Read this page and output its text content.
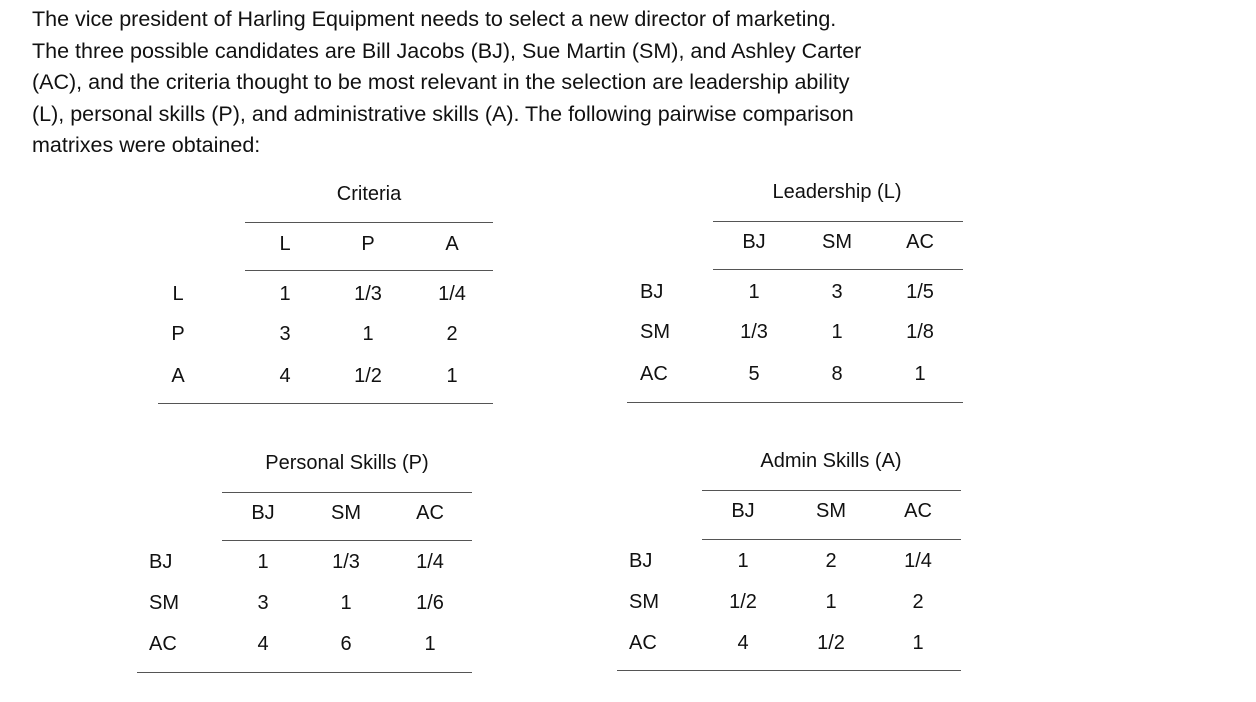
The vice president of Harling Equipment needs to select a new director of marketing.
The three possible candidates are Bill Jacobs (BJ), Sue Martin (SM), and Ashley Carter
(AC), and the criteria thought to be most relevant in the selection are leadership ability
(L), personal skills (P), and administrative skills (A). The following pairwise comparison
matrixes were obtained:

Criteria
L	P	A
L	1	1/3	1/4
P	3	1	2
A	4	1/2	1
Leadership (L)
BJ	SM	AC
BJ	1	3	1/5
SM	1/3	1	1/8
AC	5	8	1
Personal Skills (P)
BJ	SM	AC
BJ	1	1/3	1/4
SM	3	1	1/6
AC	4	6	1
Admin Skills (A)
BJ	SM	AC
BJ	1	2	1/4
SM	1/2	1	2
AC	4	1/2	1
